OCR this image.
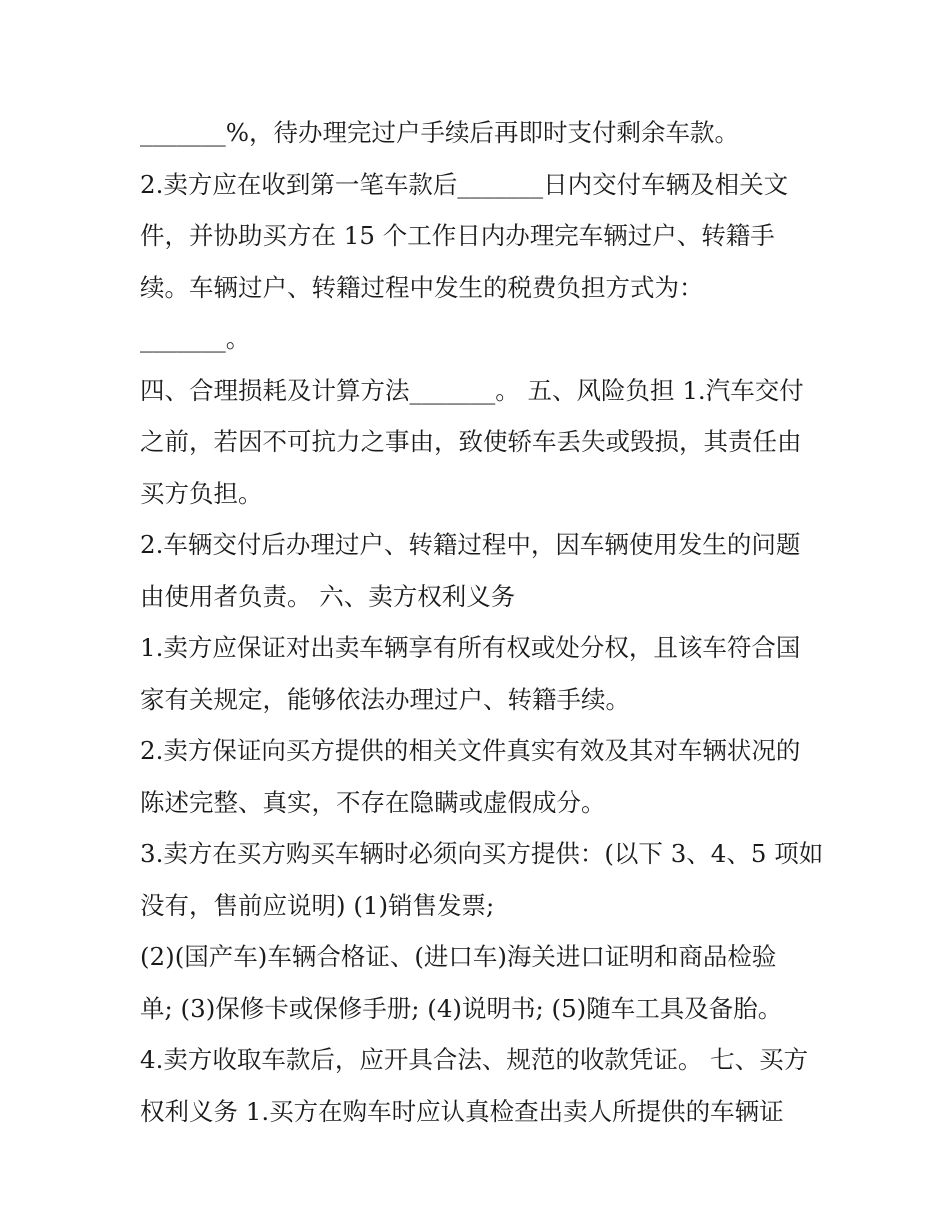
_______%，待办理完过户手续后再即时支付剩余车款。
2.卖方应在收到第一笔车款后_______日内交付车辆及相关文
件，并协助买方在 15 个工作日内办理完车辆过户、转籍手
续。车辆过户、转籍过程中发生的税费负担方式为：
_______。
四、合理损耗及计算方法_______。 五、风险负担 1.汽车交付
之前，若因不可抗力之事由，致使轿车丢失或毁损，其责任由
买方负担。
2.车辆交付后办理过户、转籍过程中，因车辆使用发生的问题
由使用者负责。 六、卖方权利义务
1.卖方应保证对出卖车辆享有所有权或处分权，且该车符合国
家有关规定，能够依法办理过户、转籍手续。
2.卖方保证向买方提供的相关文件真实有效及其对车辆状况的
陈述完整、真实，不存在隐瞒或虚假成分。
3.卖方在买方购买车辆时必须向买方提供：(以下 3、4、5 项如
没有，售前应说明) (1)销售发票;
(2)(国产车)车辆合格证、(进口车)海关进口证明和商品检验
单; (3)保修卡或保修手册; (4)说明书; (5)随车工具及备胎。
4.卖方收取车款后，应开具合法、规范的收款凭证。 七、买方
权利义务 1.买方在购车时应认真检查出卖人所提供的车辆证
